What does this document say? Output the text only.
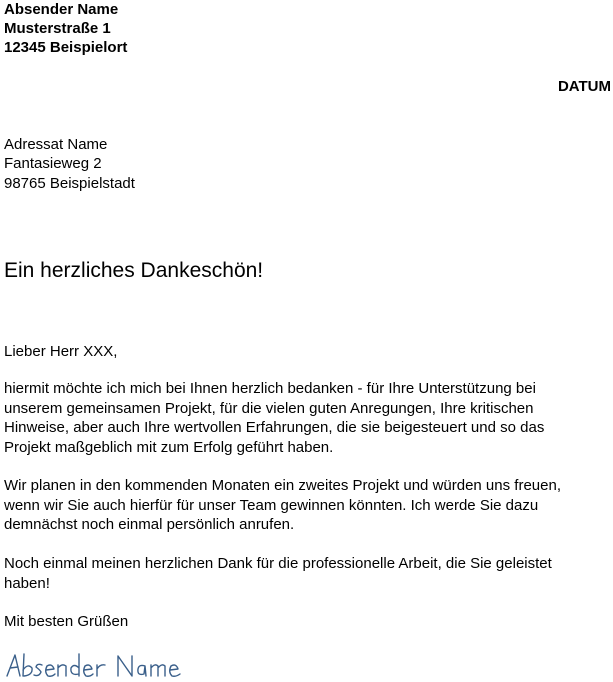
Absender Name
Musterstraße 1
12345 Beispielort
DATUM
Adressat Name
Fantasieweg 2
98765 Beispielstadt
Ein herzliches Dankeschön!
Lieber Herr XXX,
hiermit möchte ich mich bei Ihnen herzlich bedanken - für Ihre Unterstützung bei
unserem gemeinsamen Projekt, für die vielen guten Anregungen, Ihre kritischen
Hinweise, aber auch Ihre wertvollen Erfahrungen, die sie beigesteuert und so das
Projekt maßgeblich mit zum Erfolg geführt haben.
Wir planen in den kommenden Monaten ein zweites Projekt und würden uns freuen,
wenn wir Sie auch hierfür für unser Team gewinnen könnten. Ich werde Sie dazu
demnächst noch einmal persönlich anrufen.
Noch einmal meinen herzlichen Dank für die professionelle Arbeit, die Sie geleistet
haben!
Mit besten Grüßen
